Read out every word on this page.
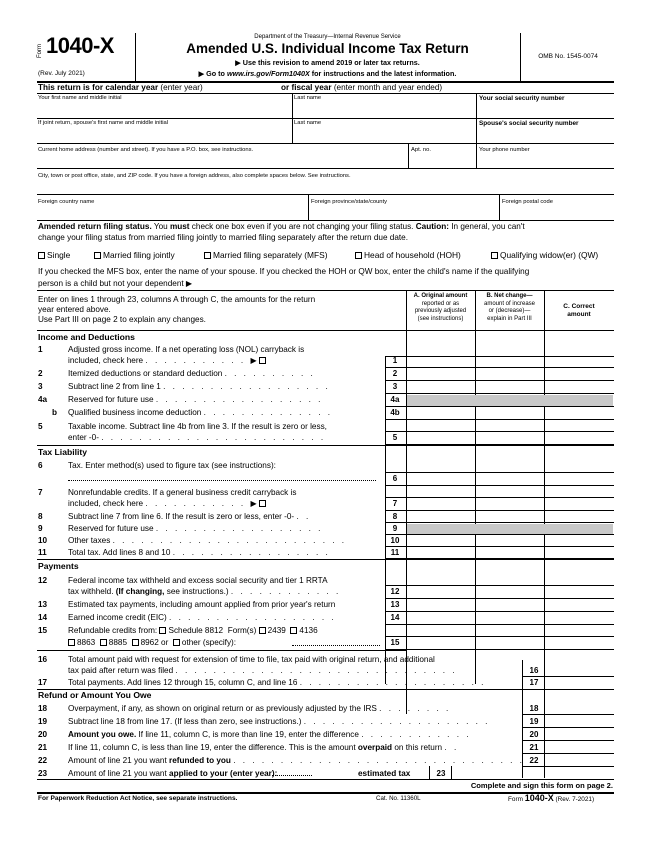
Form 1040-X
(Rev. July 2021)
Department of the Treasury—Internal Revenue Service
Amended U.S. Individual Income Tax Return
▶ Use this revision to amend 2019 or later tax returns.
▶ Go to www.irs.gov/Form1040X for instructions and the latest information.
OMB No. 1545-0074
This return is for calendar year (enter year)	or fiscal year (enter month and year ended)
Your first name and middle initial	Last name	Your social security number
If joint return, spouse's first name and middle initial	Last name	Spouse's social security number
Current home address (number and street). If you have a P.O. box, see instructions.	Apt. no.	Your phone number
City, town or post office, state, and ZIP code. If you have a foreign address, also complete spaces below. See instructions.
Foreign country name	Foreign province/state/county	Foreign postal code
Amended return filing status. You must check one box even if you are not changing your filing status. Caution: In general, you can't
change your filing status from married filing jointly to married filing separately after the return due date.
Single	Married filing jointly	Married filing separately (MFS)	Head of household (HOH)	Qualifying widow(er) (QW)
If you checked the MFS box, enter the name of your spouse. If you checked the HOH or QW box, enter the child's name if the qualifying
person is a child but not your dependent ▶
Enter on lines 1 through 23, columns A through C, the amounts for the return
year entered above.
Use Part III on page 2 to explain any changes.
A. Original amount
reported or as
previously adjusted
(see instructions)
B. Net change—
amount of increase
or (decrease)—
explain in Part III
C. Correct
amount
Income and Deductions
1	Adjusted gross income. If a net operating loss (NOL) carryback is
included, check here . . . . . . . . . . . ▶	1
2	Itemized deductions or standard deduction . . . . . . . . . .	2
3	Subtract line 2 from line 1 . . . . . . . . . . . . . . . . . .	3
4a	Reserved for future use . . . . . . . . . . . . . . . . . .	4a
b	Qualified business income deduction . . . . . . . . . . . . . .	4b
5	Taxable income. Subtract line 4b from line 3. If the result is zero or less,
enter -0- . . . . . . . . . . . . . . . . . . . . . . . .	5
Tax Liability
6	Tax. Enter method(s) used to figure tax (see instructions):
6
7	Nonrefundable credits. If a general business credit carryback is
included, check here . . . . . . . . . . . ▶	7
8	Subtract line 7 from line 6. If the result is zero or less, enter -0- . .	8
9	Reserved for future use . . . . . . . . . . . . . . . . . .	9
10	Other taxes . . . . . . . . . . . . . . . . . . . . . . . . .	10
11	Total tax. Add lines 8 and 10 . . . . . . . . . . . . . . . . .	11
Payments
12	Federal income tax withheld and excess social security and tier 1 RRTA
tax withheld. (If changing, see instructions.) . . . . . . . . . . . .	12
13	Estimated tax payments, including amount applied from prior year's return	13
14	Earned income credit (EIC) . . . . . . . . . . . . . . . . . .	14
15	Refundable credits from: Schedule 8812 Form(s) 2439 4136
8863 8885 8962 or other (specify):	15
16	Total amount paid with request for extension of time to file, tax paid with original return, and additional
tax paid after return was filed . . . . . . . . . . . . . . . . . . . . . . . . . . . . . .	16
17	Total payments. Add lines 12 through 15, column C, and line 16 . . . . . . . . . . . . . . . . . . . .	17
Refund or Amount You Owe
18	Overpayment, if any, as shown on original return or as previously adjusted by the IRS . . . . . . . .	18
19	Subtract line 18 from line 17. (If less than zero, see instructions.) . . . . . . . . . . . . . . . . . . . .	19
20	Amount you owe. If line 11, column C, is more than line 19, enter the difference . . . . . . . . . . . .	20
21	If line 11, column C, is less than line 19, enter the difference. This is the amount overpaid on this return . .	21
22	Amount of line 21 you want refunded to you . . . . . . . . . . . . . . . . . . . . . . . . . . . . . . . 22
23	Amount of line 21 you want applied to your (enter year):	estimated tax	23
Complete and sign this form on page 2.
For Paperwork Reduction Act Notice, see separate instructions.	Cat. No. 11360L	Form 1040-X (Rev. 7-2021)
